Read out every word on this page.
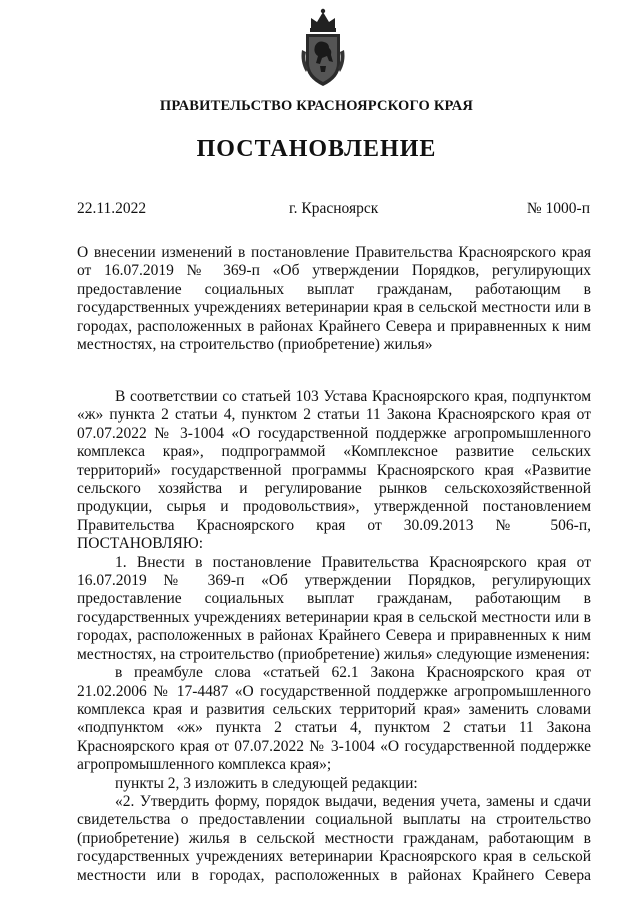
ПРАВИТЕЛЬСТВО КРАСНОЯРСКОГО КРАЯ
ПОСТАНОВЛЕНИЕ
22.11.2022	г. Красноярск	№ 1000-п
О внесении изменений в постановление Правительства Красноярского края от 16.07.2019 № 369-п «Об утверждении Порядков, регулирующих предоставление социальных выплат гражданам, работающим в государственных учреждениях ветеринарии края в сельской местности или в городах, расположенных в районах Крайнего Севера и приравненных к ним местностях, на строительство (приобретение) жилья»

В соответствии со статьей 103 Устава Красноярского края, подпунктом «ж» пункта 2 статьи 4, пунктом 2 статьи 11 Закона Красноярского края от 07.07.2022 № 3-1004 «О государственной поддержке агропромышленного комплекса края», подпрограммой «Комплексное развитие сельских территорий» государственной программы Красноярского края «Развитие сельского хозяйства и регулирование рынков сельскохозяйственной продукции, сырья и продовольствия», утвержденной постановлением Правительства Красноярского края от 30.09.2013 № 506-п, ПОСТАНОВЛЯЮ:

1. Внести в постановление Правительства Красноярского края от 16.07.2019 № 369-п «Об утверждении Порядков, регулирующих предоставление социальных выплат гражданам, работающим в государственных учреждениях ветеринарии края в сельской местности или в городах, расположенных в районах Крайнего Севера и приравненных к ним местностях, на строительство (приобретение) жилья» следующие изменения:

в преамбуле слова «статьей 62.1 Закона Красноярского края от 21.02.2006 № 17-4487 «О государственной поддержке агропромышленного комплекса края и развития сельских территорий края» заменить словами «подпунктом «ж» пункта 2 статьи 4, пунктом 2 статьи 11 Закона Красноярского края от 07.07.2022 № 3-1004 «О государственной поддержке агропромышленного комплекса края»;

пункты 2, 3 изложить в следующей редакции:

«2. Утвердить форму, порядок выдачи, ведения учета, замены и сдачи свидетельства о предоставлении социальной выплаты на строительство (приобретение) жилья в сельской местности гражданам, работающим в государственных учреждениях ветеринарии Красноярского края в сельской местности или в городах, расположенных в районах Крайнего Севера
